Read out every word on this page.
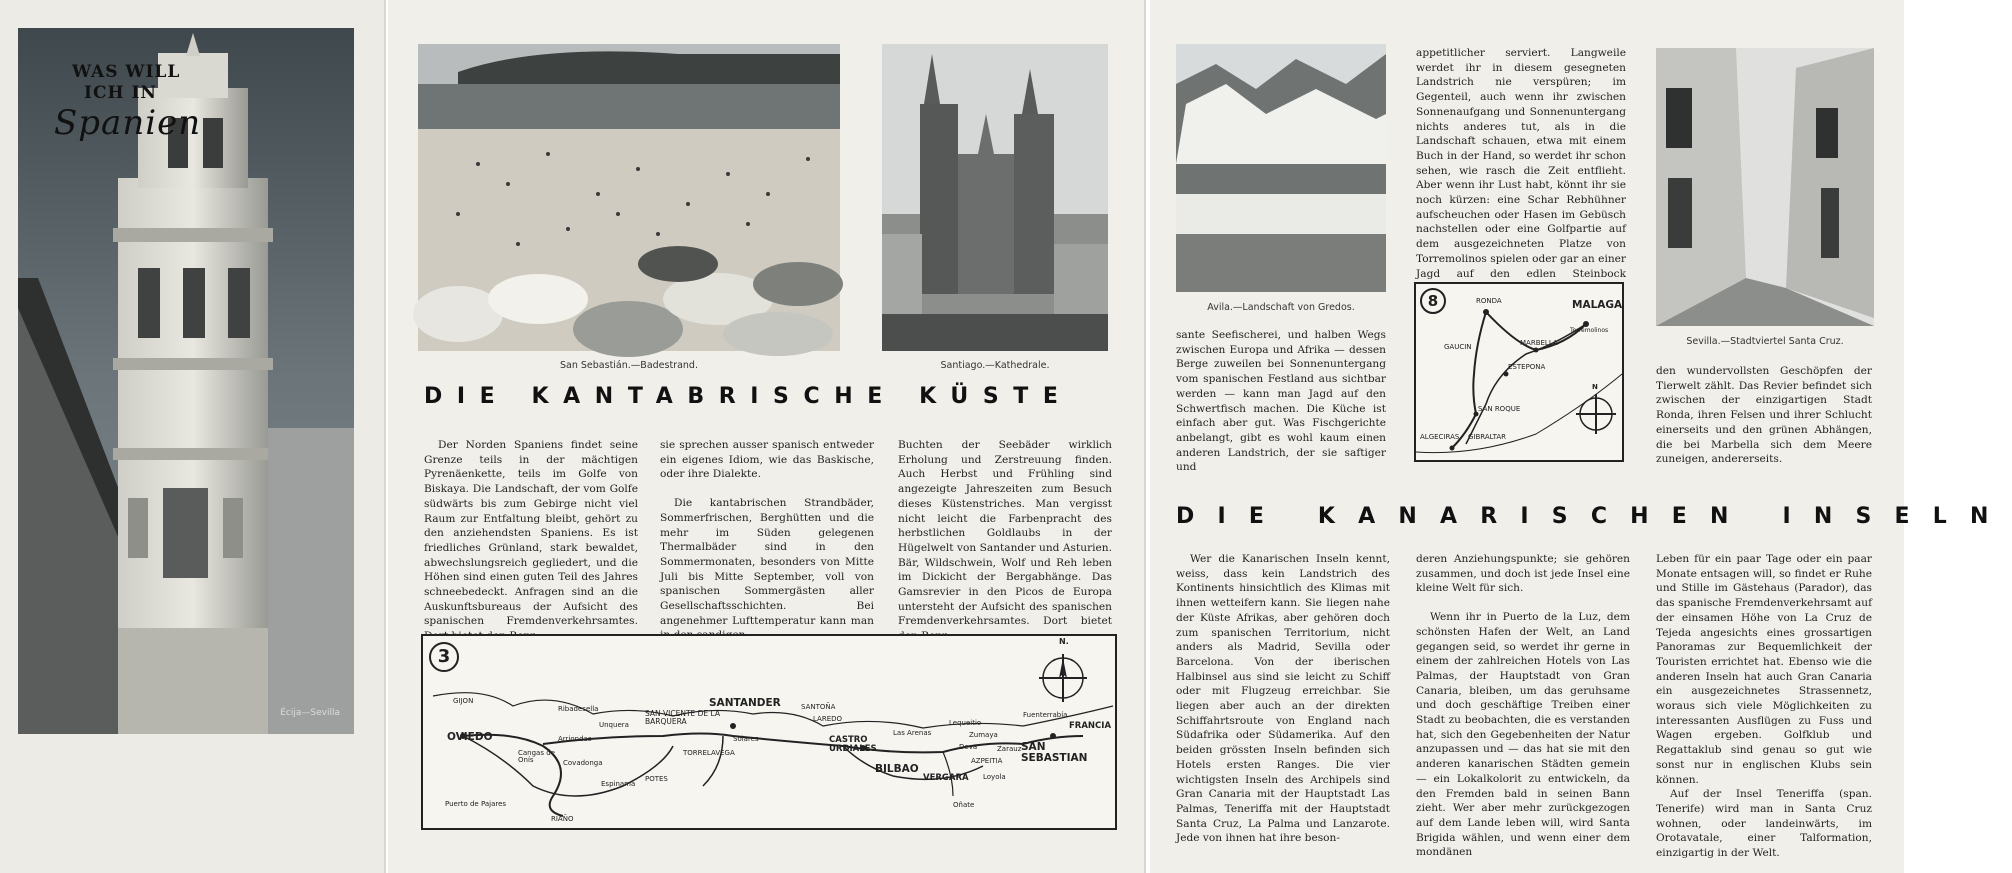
WAS WILL
ICH IN
Spanien
Écija—Sevilla
San Sebastián.—Badestrand.	Santiago.—Kathedrale.
DIE KANTABRISCHE KÜSTE

Der Norden Spaniens findet seine Grenze teils in der mächtigen Pyrenäenkette, teils im Golfe von Biskaya. Die Landschaft, der vom Golfe südwärts bis zum Gebirge nicht viel Raum zur Entfaltung bleibt, gehört zu den anziehendsten Spaniens. Es ist friedliches Grünland, stark bewaldet, abwechslungsreich gegliedert, und die Höhen sind einen guten Teil des Jahres schneebedeckt. Anfragen sind an die Auskunftsbureaus der Aufsicht des spanischen Fremdenverkehrsamtes.

sie sprechen ausser spanisch entweder ein eigenes Idiom, wie das Baskische, oder ihre Dialekte.

Die kantabrischen Strandbäder, Sommerfrischen, Berghütten und die mehr im Süden gelegenen Thermalbäder sind in den Sommermonaten, besonders von Mitte Juli bis Mitte September, voll von spanischen Sommergästen aller Gesellschaftsschichten. Bei angenehmer Lufttemperatur kann man

Buchten der Seebäder wirklich Erholung und Zerstreuung finden. Auch Herbst und Frühling sind angezeigte Jahreszeiten zum Besuch dieses Küstenstriches. Man vergisst nicht leicht die Farbenpracht des herbstlichen Goldlaubs in der Hügelwelt von Santander und Asturien. Bär, Wildschwein, Wolf und Reh leben im Dickicht der Bergabhänge. Das Gamsrevier in den Picos de Europa untersteht der Aufsicht des spanischen Fremdenverkehrsamtes. Dort bietet

3
N.
GIJON
OVIEDO
Ribadesella
Arriondas
Cangas de Onís	Covadonga
Puerto de Pajares
RIAÑO
Espinama
POTES
Unquera
SAN VICENTE DE LA BARQUERA
SANTANDER
Solares
TORRELAVEGA
SANTOÑA
LAREDO
CASTRO URDIALES
Las Arenas
BILBAO
Lequeitio
Zumaya
Deva	Zarauz
AZPEITIA
VERGARA Loyola
Oñate
Fuenterrabía
SAN SEBASTIAN
FRANCIA
Avila.—Landschaft von Gredos.
Sevilla.—Stadtviertel Santa Cruz.

sante Seefischerei, und halben Wegs zwischen Europa und Afrika — dessen Berge zuweilen bei Sonnenuntergang vom spanischen Festland aus sichtbar werden — kann man Jagd auf den Schwertfisch machen. Die Küche ist einfach aber gut. Was Fischgerichte anbelangt, gibt es wohl kaum einen anderen Landstrich, der sie saftiger und

appetitlicher serviert. Langweile werdet ihr in diesem gesegneten Landstrich nie verspüren; im Gegenteil, auch wenn ihr zwischen Sonnenaufgang und Sonnenuntergang nichts anderes tut, als in die Landschaft schauen, etwa mit einem Buch in der Hand, so werdet ihr schon sehen, wie rasch die Zeit entflieht. Aber wenn ihr Lust habt, könnt ihr sie noch kürzen: eine Schar Rebhühner aufscheuchen oder Hasen im Gebüsch nachstellen oder eine Golfpartie auf dem ausgezeichneten Platze von Torremolinos spielen oder gar an einer Jagd auf den edlen Steinbock

den wundervollsten Geschöpfen der Tierwelt zählt. Das Revier befindet sich zwischen der einzigartigen Stadt Ronda, ihren Felsen und ihrer Schlucht einerseits und den grünen Abhängen, die bei Marbella sich dem Meere zuneigen, andererseits.

8	RONDA	MALAGA
Torremolinos
MARBELLA
GAUCIN
ESTEPONA
SAN ROQUE
ALGECIRAS GIBRALTAR
N
DIE KANARISCHEN INSELN

Wer die Kanarischen Inseln kennt, weiss, dass kein Landstrich des Kontinents hinsichtlich des Klimas mit ihnen wetteifern kann. Sie liegen nahe der Küste Afrikas, aber gehören doch zum spanischen Territorium, nicht anders als Madrid, Sevilla oder Barcelona. Von der iberischen Halbinsel aus sind sie leicht zu Schiff oder mit Flugzeug erreichbar. Sie liegen aber auch an der direkten Schiffahrtsroute von England nach Südafrika oder Südamerika. Auf den beiden grössten Inseln befinden sich Hotels ersten Ranges. Die vier wichtigsten Inseln des Archipels sind Gran Canaria mit der Hauptstadt Las Palmas, Teneriffa mit der Hauptstadt Santa Cruz, La Palma und Lanzarote. Jede von ihnen hat ihre beson-

deren Anziehungspunkte; sie gehören zusammen, und doch ist jede Insel eine kleine Welt für sich.

Wenn ihr in Puerto de la Luz, dem schönsten Hafen der Welt, an Land gegangen seid, so werdet ihr gerne in einem der zahlreichen Hotels von Las Palmas, der Hauptstadt von Gran Canaria, bleiben, um das geruhsame und doch geschäftige Treiben einer Stadt zu beobachten, die es verstanden hat, sich den Gegebenheiten der Natur anzupassen und — das hat sie mit den anderen kanarischen Städten gemein — ein Lokalkolorit zu entwickeln, da den Fremden bald in seinen Bann zieht. Wer aber mehr zurückgezogen auf dem Lande leben will, wird Santa Brigida wählen, und wenn einer dem mondänen

Leben für ein paar Tage oder ein paar Monate entsagen will, so findet er Ruhe und Stille im Gästehaus (Parador), das das spanische Fremdenverkehrsamt auf der einsamen Höhe von La Cruz de Tejeda angesichts eines grossartigen Panoramas zur Bequemlichkeit der Touristen errichtet hat. Ebenso wie die anderen Inseln hat auch Gran Canaria ein ausgezeichnetes Strassennetz, woraus sich viele Möglichkeiten zu interessanten Ausflügen zu Fuss und Wagen ergeben. Golfklub und Regattaklub sind genau so gut wie sonst nur in englischen Klubs sein können.

Auf der Insel Teneriffa (span. Tenerife) wird man in Santa Cruz wohnen, oder landeinwärts, im Orotavatale, einer Talformation, einzigartig in der Welt.
